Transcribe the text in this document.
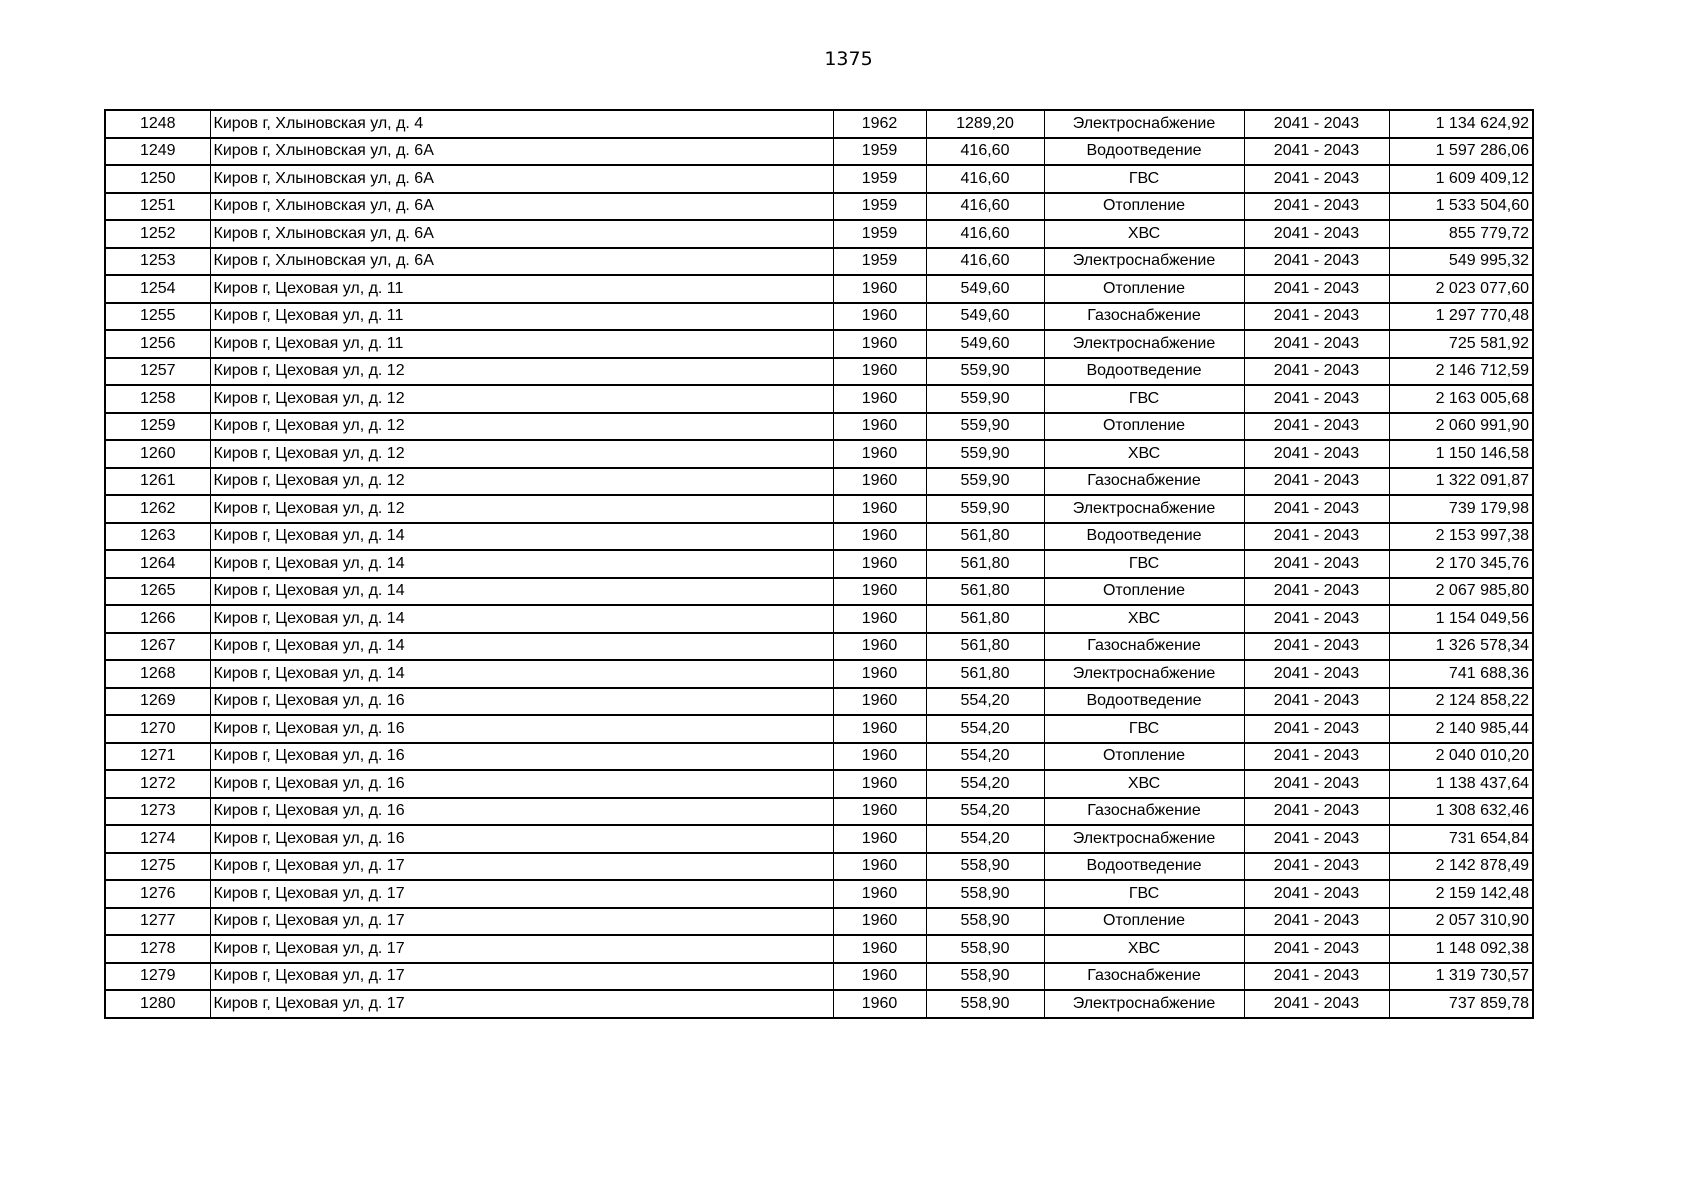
1375
1248	Киров г, Хлыновская ул, д. 4	1962	1289,20	Электроснабжение	2041 - 2043	1 134 624,92
1249	Киров г, Хлыновская ул, д. 6А	1959	416,60	Водоотведение	2041 - 2043	1 597 286,06
1250	Киров г, Хлыновская ул, д. 6А	1959	416,60	ГВС	2041 - 2043	1 609 409,12
1251	Киров г, Хлыновская ул, д. 6А	1959	416,60	Отопление	2041 - 2043	1 533 504,60
1252	Киров г, Хлыновская ул, д. 6А	1959	416,60	ХВС	2041 - 2043	855 779,72
1253	Киров г, Хлыновская ул, д. 6А	1959	416,60	Электроснабжение	2041 - 2043	549 995,32
1254	Киров г, Цеховая ул, д. 11	1960	549,60	Отопление	2041 - 2043	2 023 077,60
1255	Киров г, Цеховая ул, д. 11	1960	549,60	Газоснабжение	2041 - 2043	1 297 770,48
1256	Киров г, Цеховая ул, д. 11	1960	549,60	Электроснабжение	2041 - 2043	725 581,92
1257	Киров г, Цеховая ул, д. 12	1960	559,90	Водоотведение	2041 - 2043	2 146 712,59
1258	Киров г, Цеховая ул, д. 12	1960	559,90	ГВС	2041 - 2043	2 163 005,68
1259	Киров г, Цеховая ул, д. 12	1960	559,90	Отопление	2041 - 2043	2 060 991,90
1260	Киров г, Цеховая ул, д. 12	1960	559,90	ХВС	2041 - 2043	1 150 146,58
1261	Киров г, Цеховая ул, д. 12	1960	559,90	Газоснабжение	2041 - 2043	1 322 091,87
1262	Киров г, Цеховая ул, д. 12	1960	559,90	Электроснабжение	2041 - 2043	739 179,98
1263	Киров г, Цеховая ул, д. 14	1960	561,80	Водоотведение	2041 - 2043	2 153 997,38
1264	Киров г, Цеховая ул, д. 14	1960	561,80	ГВС	2041 - 2043	2 170 345,76
1265	Киров г, Цеховая ул, д. 14	1960	561,80	Отопление	2041 - 2043	2 067 985,80
1266	Киров г, Цеховая ул, д. 14	1960	561,80	ХВС	2041 - 2043	1 154 049,56
1267	Киров г, Цеховая ул, д. 14	1960	561,80	Газоснабжение	2041 - 2043	1 326 578,34
1268	Киров г, Цеховая ул, д. 14	1960	561,80	Электроснабжение	2041 - 2043	741 688,36
1269	Киров г, Цеховая ул, д. 16	1960	554,20	Водоотведение	2041 - 2043	2 124 858,22
1270	Киров г, Цеховая ул, д. 16	1960	554,20	ГВС	2041 - 2043	2 140 985,44
1271	Киров г, Цеховая ул, д. 16	1960	554,20	Отопление	2041 - 2043	2 040 010,20
1272	Киров г, Цеховая ул, д. 16	1960	554,20	ХВС	2041 - 2043	1 138 437,64
1273	Киров г, Цеховая ул, д. 16	1960	554,20	Газоснабжение	2041 - 2043	1 308 632,46
1274	Киров г, Цеховая ул, д. 16	1960	554,20	Электроснабжение	2041 - 2043	731 654,84
1275	Киров г, Цеховая ул, д. 17	1960	558,90	Водоотведение	2041 - 2043	2 142 878,49
1276	Киров г, Цеховая ул, д. 17	1960	558,90	ГВС	2041 - 2043	2 159 142,48
1277	Киров г, Цеховая ул, д. 17	1960	558,90	Отопление	2041 - 2043	2 057 310,90
1278	Киров г, Цеховая ул, д. 17	1960	558,90	ХВС	2041 - 2043	1 148 092,38
1279	Киров г, Цеховая ул, д. 17	1960	558,90	Газоснабжение	2041 - 2043	1 319 730,57
1280	Киров г, Цеховая ул, д. 17	1960	558,90	Электроснабжение	2041 - 2043	737 859,78
